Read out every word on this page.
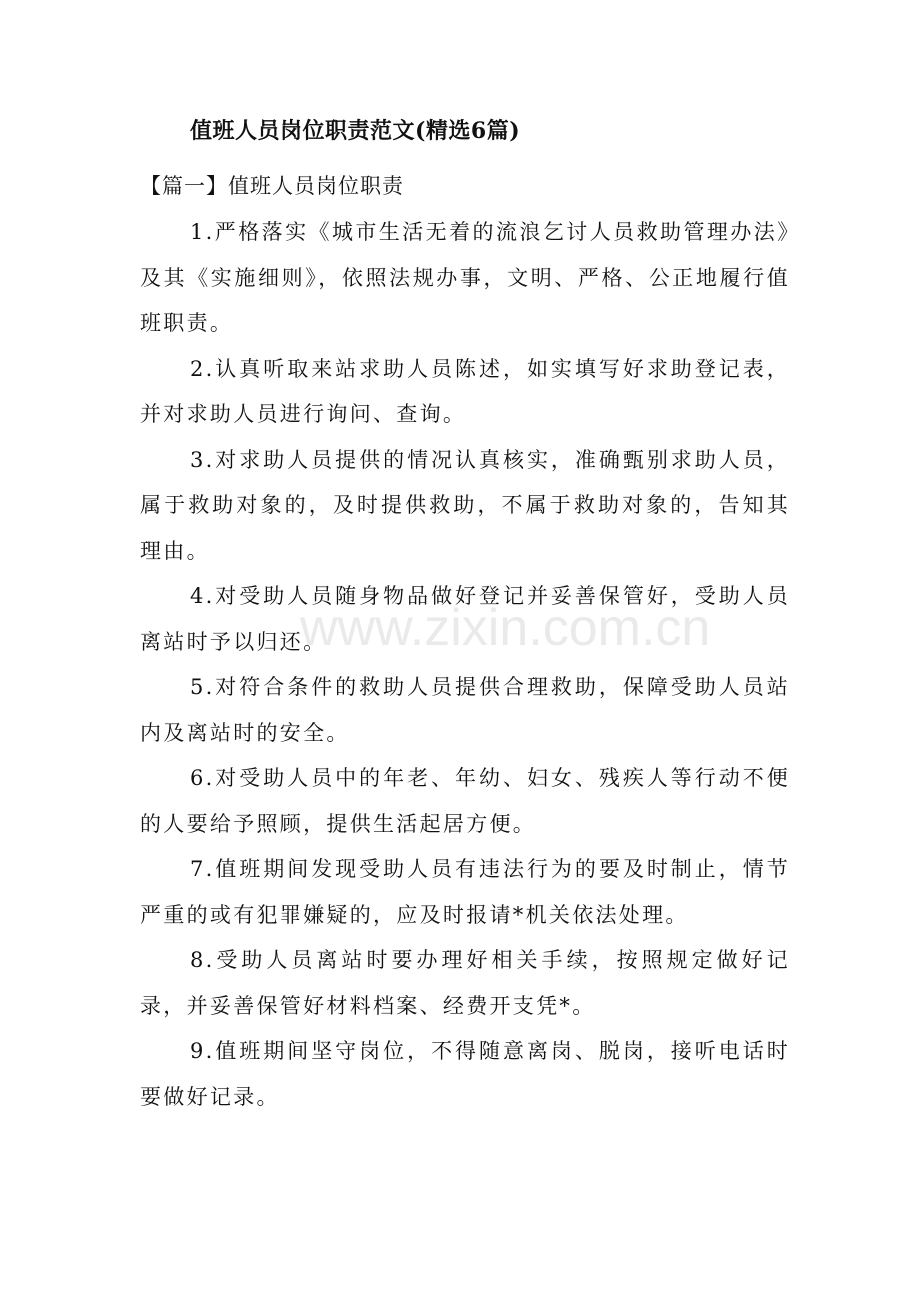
值班人员岗位职责范文(精选6篇)
【篇一】值班人员岗位职责

1.严格落实《城市生活无着的流浪乞讨人员救助管理办法》及其《实施细则》，依照法规办事，文明、严格、公正地履行值班职责。

2.认真听取来站求助人员陈述，如实填写好求助登记表，并对求助人员进行询问、查询。

3.对求助人员提供的情况认真核实，准确甄别求助人员，属于救助对象的，及时提供救助，不属于救助对象的，告知其理由。

4.对受助人员随身物品做好登记并妥善保管好，受助人员离站时予以归还。

5.对符合条件的救助人员提供合理救助，保障受助人员站内及离站时的安全。

6.对受助人员中的年老、年幼、妇女、残疾人等行动不便的人要给予照顾，提供生活起居方便。

7.值班期间发现受助人员有违法行为的要及时制止，情节严重的或有犯罪嫌疑的，应及时报请*机关依法处理。

8.受助人员离站时要办理好相关手续，按照规定做好记录，并妥善保管好材料档案、经费开支凭*。

9.值班期间坚守岗位，不得随意离岗、脱岗，接听电话时要做好记录。

www.zixin.com.cn
